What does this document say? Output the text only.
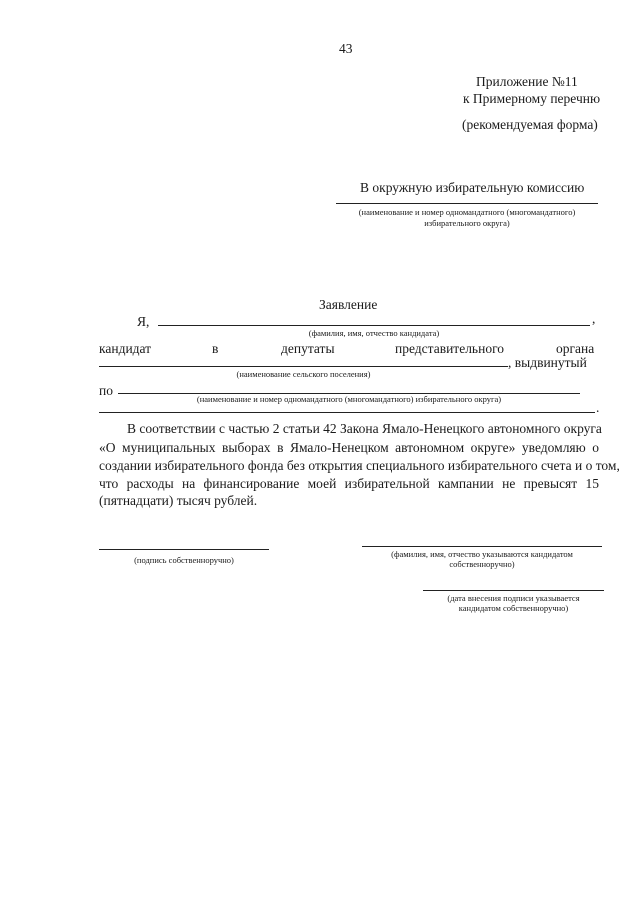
43
Приложение №11
к Примерному перечню
(рекомендуемая форма)
В окружную избирательную комиссию
(наименование и номер одномандатного (многомандатного)
избирательного округа)
Заявление
Я,	,
(фамилия, имя, отчество кандидата)
кандидат	в	депутаты	представительного	органа
, выдвинутый
(наименование сельского поселения)
по
(наименование и номер одномандатного (многомандатного) избирательного округа)
.
В соответствии с частью 2 статьи 42 Закона Ямало-Ненецкого автономного округа
«О муниципальных выборах в Ямало-Ненецком автономном округе» уведомляю о
создании избирательного фонда без открытия специального избирательного счета и о том,
что расходы на финансирование моей избирательной кампании не превысят 15
(пятнадцати) тысяч рублей.
(подпись собственноручно)
(фамилия, имя, отчество указываются кандидатом
собственноручно)
(дата внесения подписи указывается
кандидатом собственноручно)
